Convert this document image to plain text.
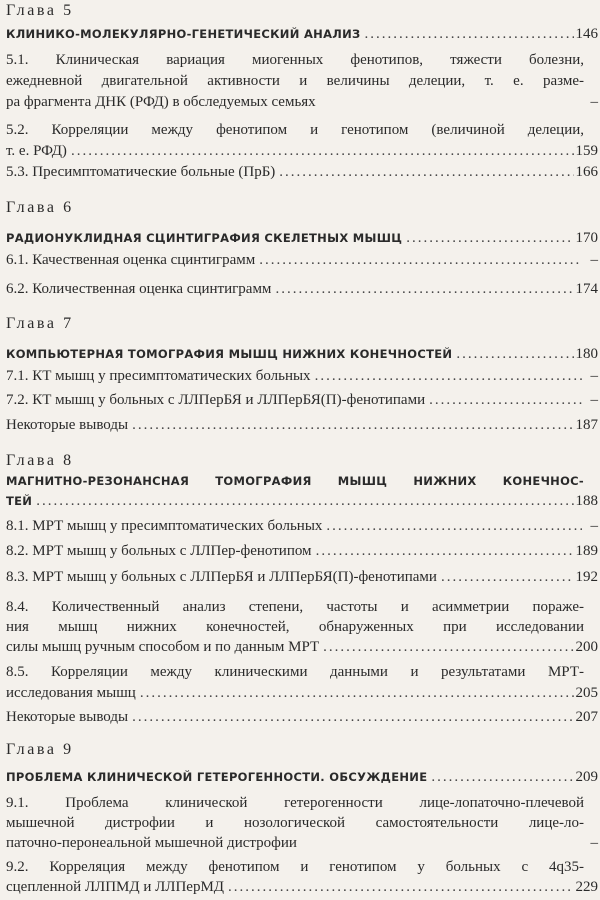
Глава 5
КЛИНИКО-МОЛЕКУЛЯРНО-ГЕНЕТИЧЕСКИЙ АНАЛИЗ .....	146
5.1. Клиническая вариация миогенных фенотипов, тяжести болезни,
ежедневной двигательной активности и величины делеции, т. е. разме-
ра фрагмента ДНК (РФД) в обследуемых семьях	–
5.2. Корреляции между фенотипом и генотипом (величиной делеции,
т. е. РФД) .....	159
5.3. Пресимптоматические больные (ПрБ) .....	166
Глава 6
РАДИОНУКЛИДНАЯ СЦИНТИГРАФИЯ СКЕЛЕТНЫХ МЫШЦ .....	170
6.1. Качественная оценка сцинтиграмм .....	–
6.2. Количественная оценка сцинтиграмм .....	174
Глава 7
КОМПЬЮТЕРНАЯ ТОМОГРАФИЯ МЫШЦ НИЖНИХ КОНЕЧНОСТЕЙ .....	180
7.1. КТ мышц у пресимптоматических больных .....	–
7.2. КТ мышц у больных с ЛЛПерБЯ и ЛЛПерБЯ(П)-фенотипами .....	–
Некоторые выводы .....	187
Глава 8
МАГНИТНО-РЕЗОНАНСНАЯ ТОМОГРАФИЯ МЫШЦ НИЖНИХ КОНЕЧНОС-
ТЕЙ .....	188
8.1. МРТ мышц у пресимптоматических больных .....	–
8.2. МРТ мышц у больных с ЛЛПер-фенотипом .....	189
8.3. МРТ мышц у больных с ЛЛПерБЯ и ЛЛПерБЯ(П)-фенотипами .....	192
8.4. Количественный анализ степени, частоты и асимметрии пораже-
ния мышц нижних конечностей, обнаруженных при исследовании
силы мышц ручным способом и по данным МРТ .....	200
8.5. Корреляции между клиническими данными и результатами МРТ-
исследования мышц .....	205
Некоторые выводы .....	207
Глава 9
ПРОБЛЕМА КЛИНИЧЕСКОЙ ГЕТЕРОГЕННОСТИ. ОБСУЖДЕНИЕ .....	209
9.1. Проблема клинической гетерогенности лице-лопаточно-плечевой
мышечной дистрофии и нозологической самостоятельности лице-ло-
паточно-перонеальной мышечной дистрофии	–
9.2. Корреляция между фенотипом и генотипом у больных с 4q35-
сцепленной ЛЛПМД и ЛЛПерМД .....	229
